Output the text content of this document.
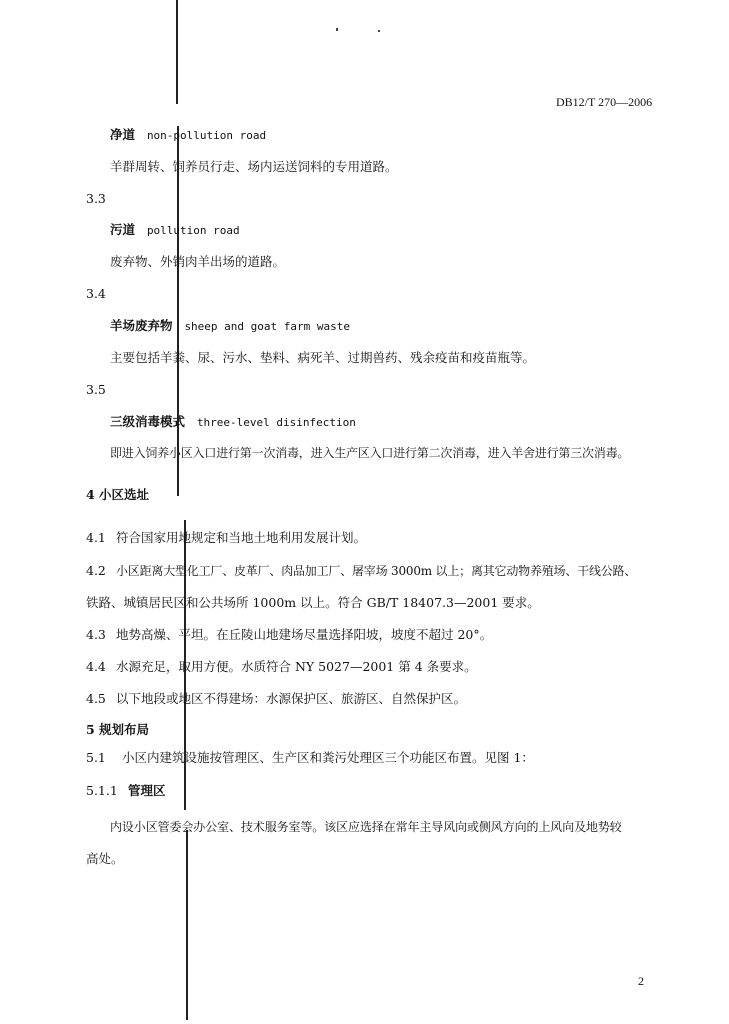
DB12/T 270—2006
净道 non-pollution road
羊群周转、饲养员行走、场内运送饲料的专用道路。
3.3
污道 pollution road
废弃物、外销肉羊出场的道路。
3.4
羊场废弃物 sheep and goat farm waste
主要包括羊粪、尿、污水、垫料、病死羊、过期兽药、残余疫苗和疫苗瓶等。
3.5
三级消毒模式 three-level disinfection
即进入饲养小区入口进行第一次消毒，进入生产区入口进行第二次消毒，进入羊舍进行第三次消毒。
4 小区选址
4.1 符合国家用地规定和当地土地利用发展计划。
4.2 小区距离大型化工厂、皮革厂、肉品加工厂、屠宰场 3000m 以上；离其它动物养殖场、干线公路、
铁路、城镇居民区和公共场所 1000m 以上。符合 GB/T 18407.3—2001 要求。
4.3 地势高燥、平坦。在丘陵山地建场尽量选择阳坡，坡度不超过 20°。
4.4 水源充足，取用方便。水质符合 NY 5027—2001 第 4 条要求。
4.5 以下地段或地区不得建场：水源保护区、旅游区、自然保护区。
5 规划布局
5.1 小区内建筑设施按管理区、生产区和粪污处理区三个功能区布置。见图 1：
5.1.1 管理区
内设小区管委会办公室、技术服务室等。该区应选择在常年主导风向或侧风方向的上风向及地势较
高处。
2
